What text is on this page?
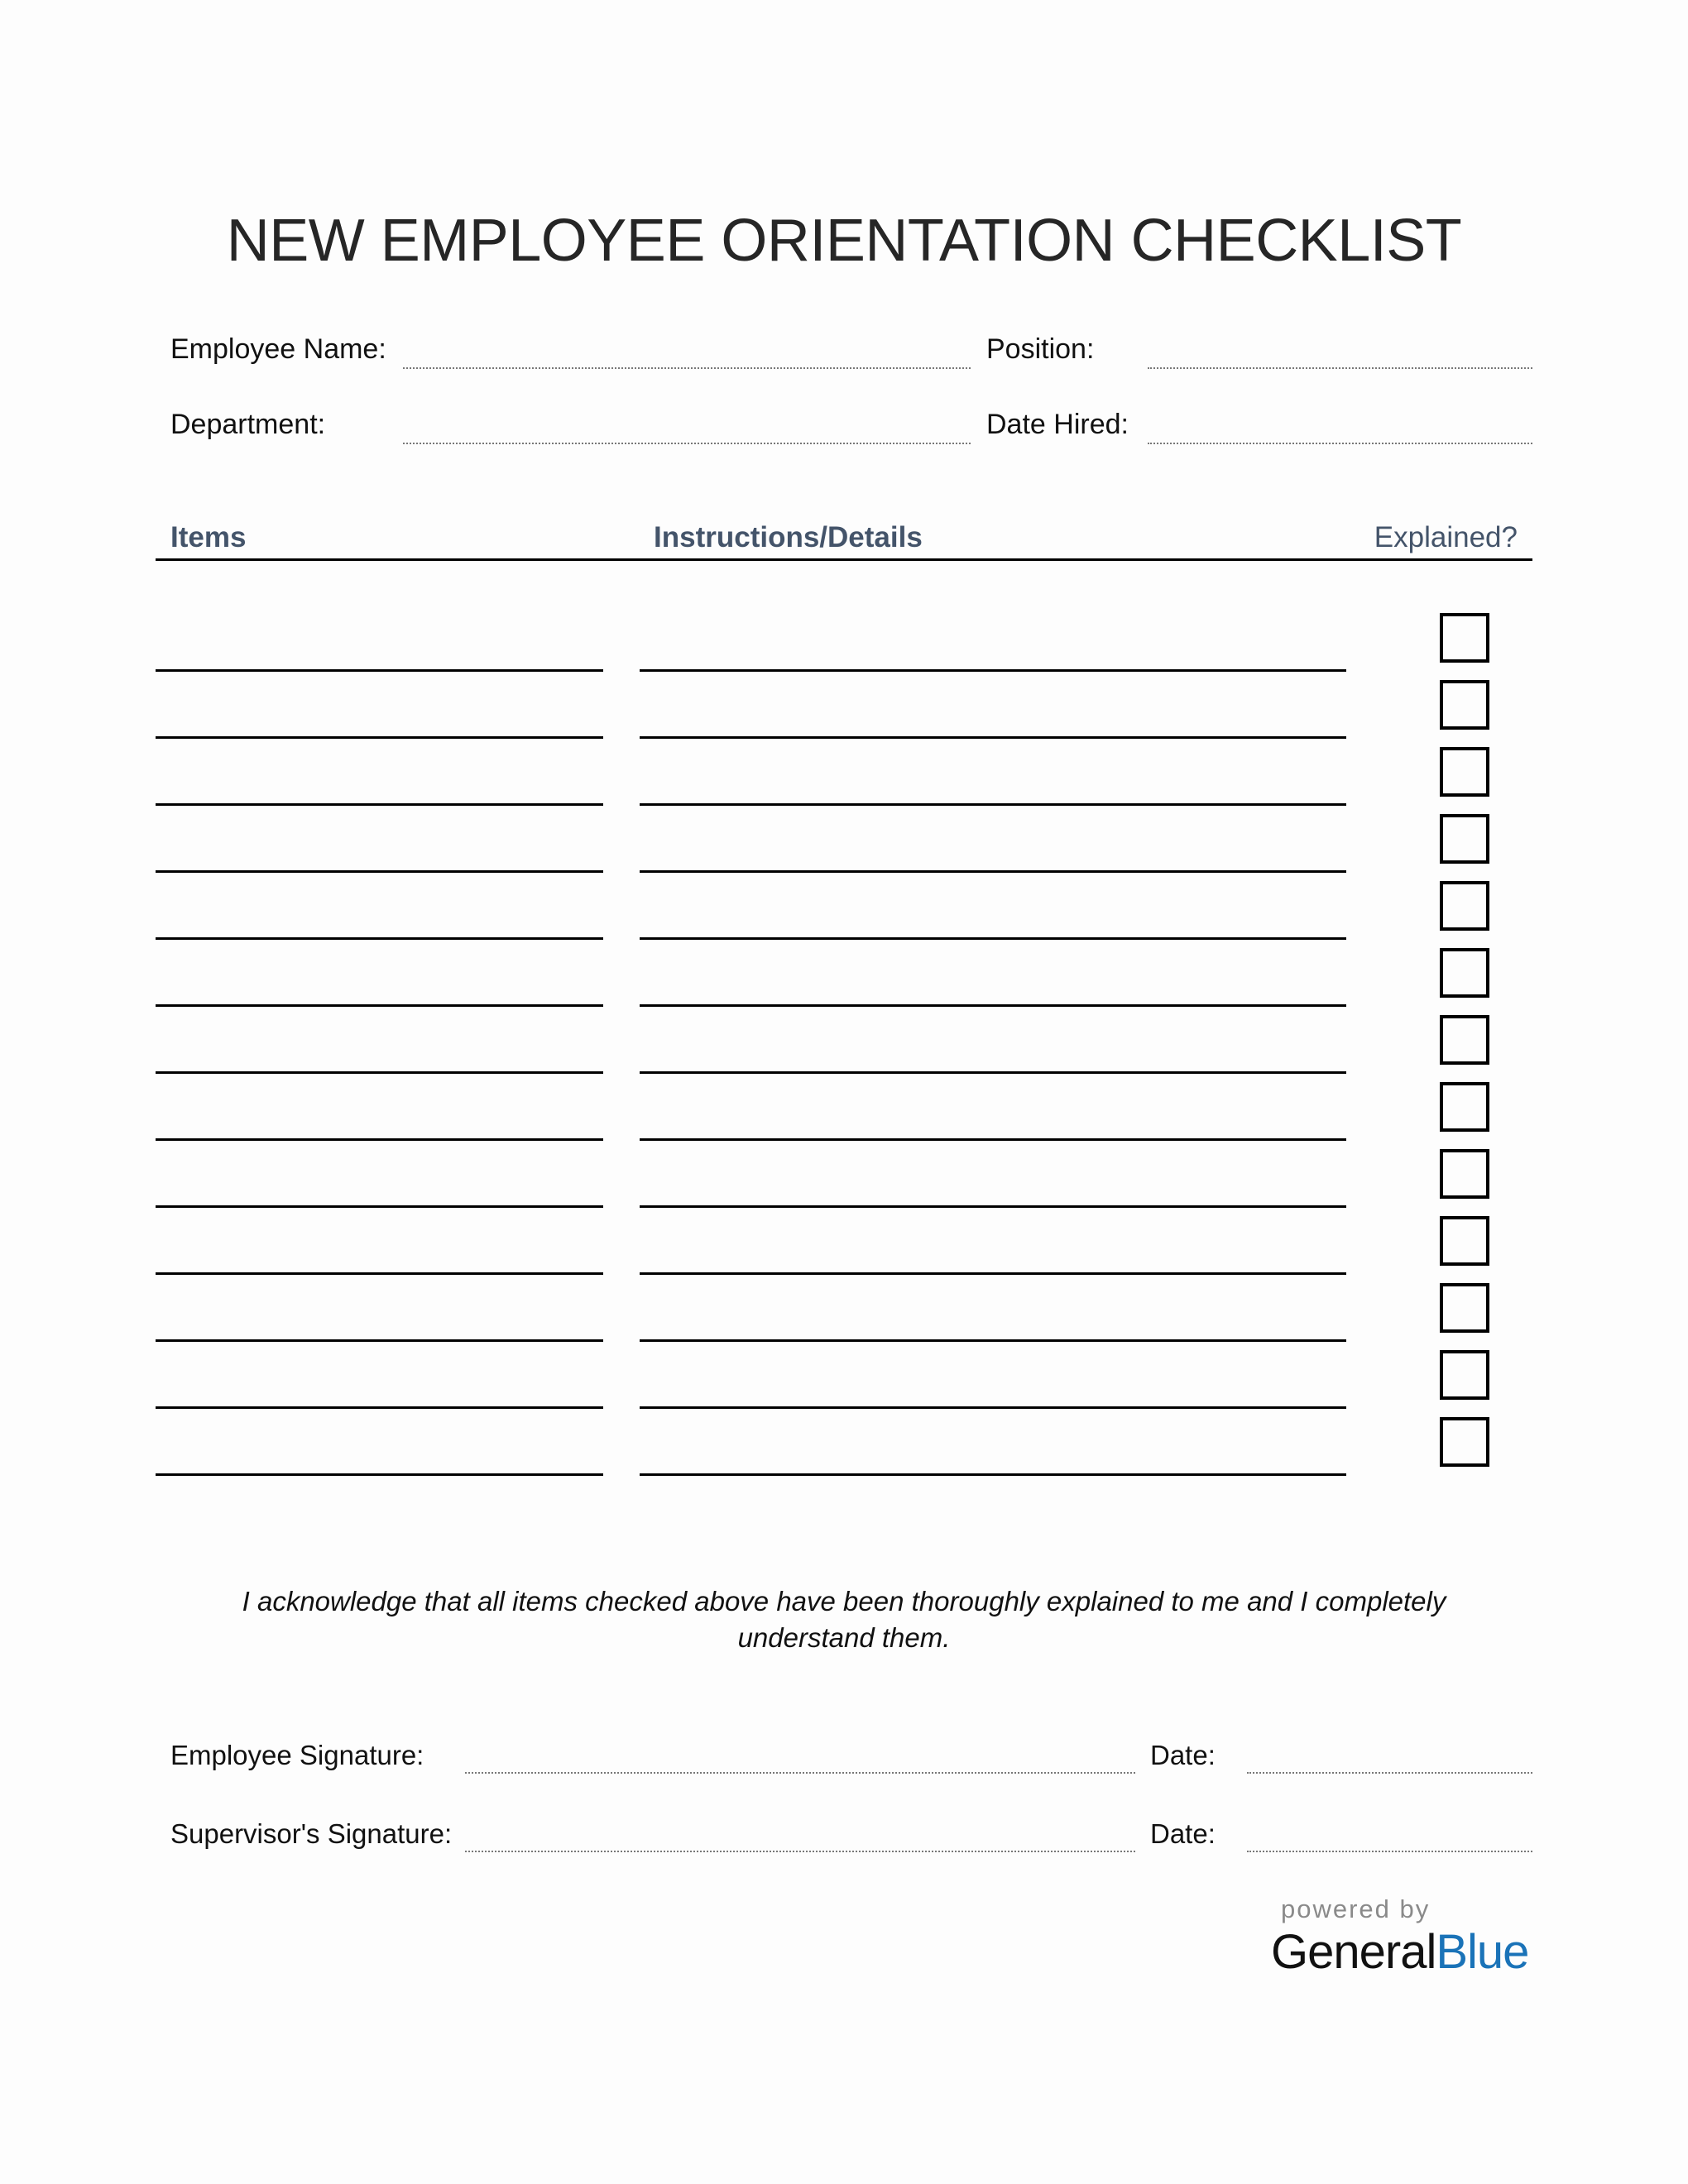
NEW EMPLOYEE ORIENTATION CHECKLIST
Employee Name:	Position:
Department:	Date Hired:
Items	Instructions/Details	Explained?
I acknowledge that all items checked above have been thoroughly explained to me and I completely
understand them.
Employee Signature:	Date:
Supervisor's Signature:	Date:
powered by
GeneralBlue
